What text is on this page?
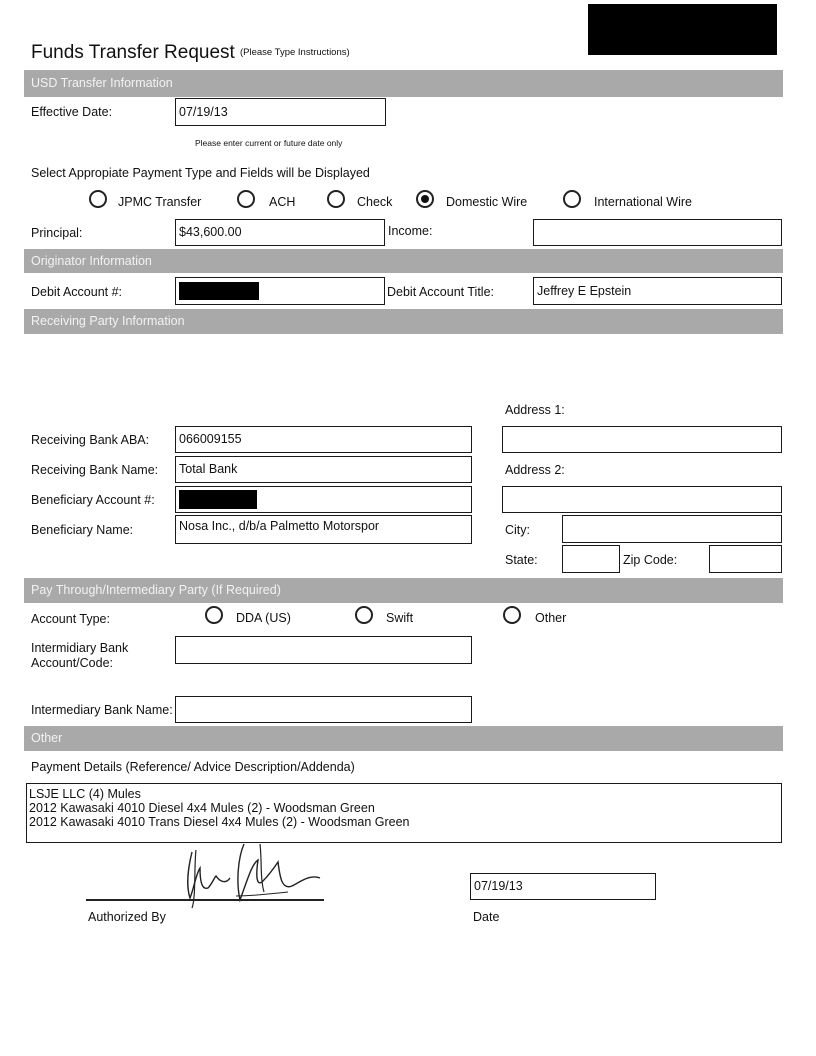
Funds Transfer Request (Please Type Instructions)
USD Transfer Information
Effective Date:	07/19/13
Please enter current or future date only
Select Appropiate Payment Type and Fields will be Displayed
JPMC Transfer	ACH	Check	Domestic Wire	International Wire
Principal:	$43,600.00	Income:
Originator Information
Debit Account #:	Debit Account Title:	Jeffrey E Epstein
Receiving Party Information
Address 1:
Receiving Bank ABA:	066009155
Receiving Bank Name:	Total Bank	Address 2:
Beneficiary Account #:
Beneficiary Name:	Nosa Inc., d/b/a Palmetto Motorspor	City:
State:	Zip Code:
Pay Through/Intermediary Party (If Required)
Account Type:	DDA (US)	Swift	Other
Intermidiary Bank
Account/Code:
Intermediary Bank Name:
Other
Payment Details (Reference/ Advice Description/Addenda)
LSJE LLC (4) Mules
2012 Kawasaki 4010 Diesel 4x4 Mules (2) - Woodsman Green
2012 Kawasaki 4010 Trans Diesel 4x4 Mules (2) - Woodsman Green
Authorized By
07/19/13
Date
